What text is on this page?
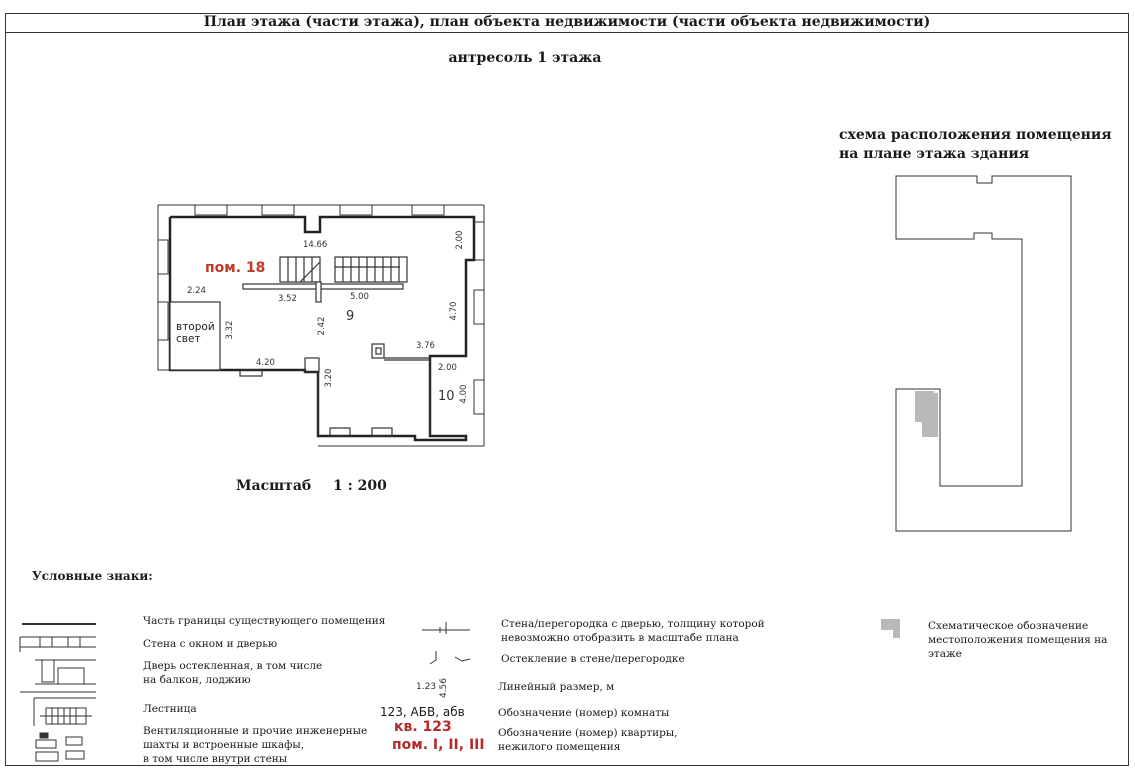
План этажа (части этажа), план объекта недвижимости (части объекта недвижимости)
антресоль 1 этажа
схема расположения помещения
на плане этажа здания
Масштаб 1 : 200
14.66	2.00
2.24
3.52	5.00
4.70
3.32	2.42
4.20
3.76
3.20
2.00
4.00
9
10
пом. 18
второй
свет
1.23 4.56
Условные знаки:
Часть границы существующего помещения
Стена с окном и дверью
Дверь остекленная, в том числе
на балкон, лоджию
Лестница
Вентиляционные и прочие инженерные
шахты и встроенные шкафы,
в том числе внутри стены
Стена/перегородка с дверью, толщину которой
невозможно отобразить в масштабе плана
Остекление в стене/перегородке
Линейный размер, м
123, АБВ, абв	Обозначение (номер) комнаты
кв. 123
пом. I, II, III
Обозначение (номер) квартиры,
нежилого помещения
Схематическое обозначение
местоположения помещения на
этаже
